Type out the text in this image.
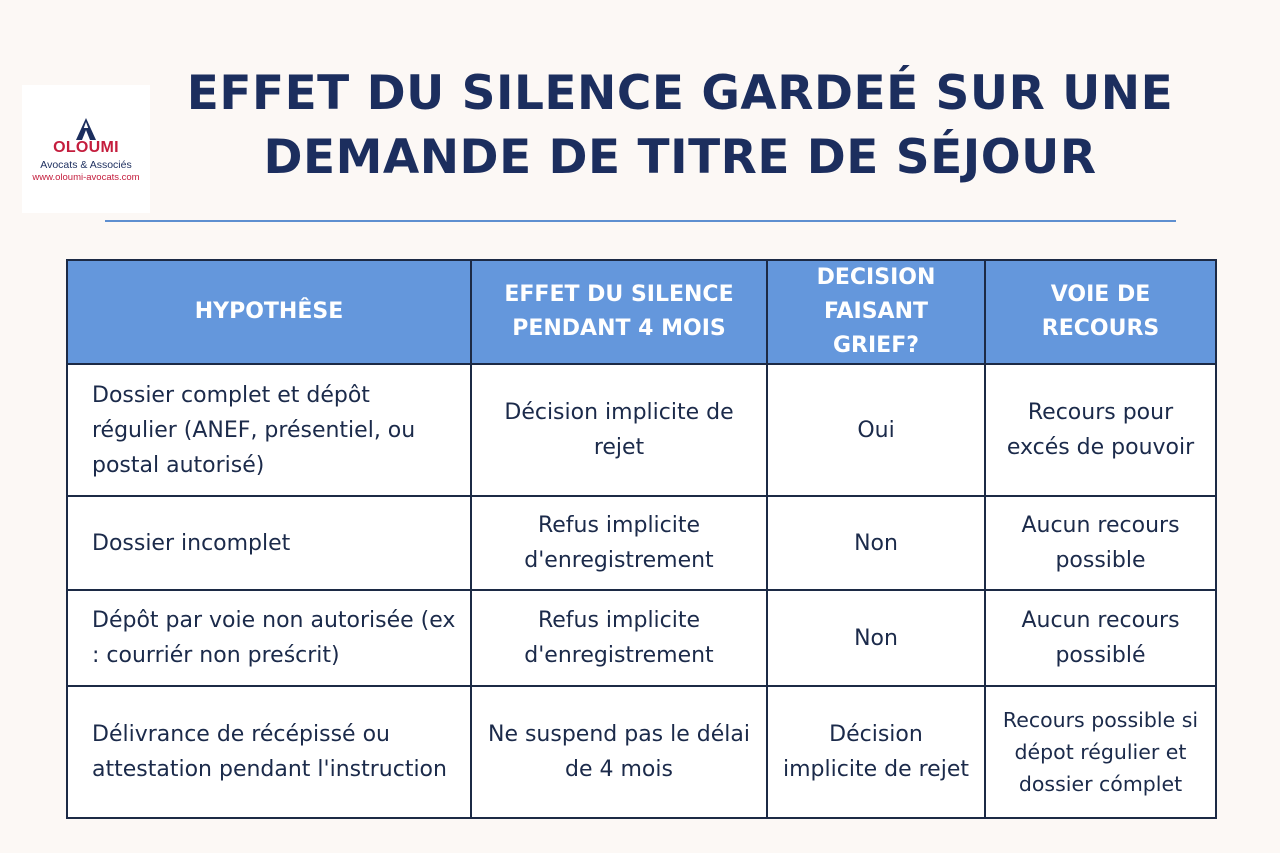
OLOUMI
Avocats & Associés
www.oloumi-avocats.com
EFFET DU SILENCE GARDEÉ SUR UNE
DEMANDE DE TITRE DE SÉJOUR
HYPOTHÊSE	EFFET DU SILENCE PENDANT 4 MOIS	DECISION FAISANT GRIEF?	VOIE DE RECOURS
Dossier complet et dépôt régulier (ANEF, présentiel, ou postal autorisé)	Décision implicite de rejet	Oui	Recours pour excés de pouvoir
Dossier incomplet	Refus implicite d'enregistrement	Non	Aucun recours possible
Dépôt par voie non autorisée (ex : courriér non preścrit)	Refus implicite d'enregistrement	Non	Aucun recours possiblé
Délivrance de récépissé ou attestation pendant l'instruction	Ne suspend pas le délai de 4 mois	Décision implicite de rejet	Recours possible si dépot régulier et dossier cómplet
